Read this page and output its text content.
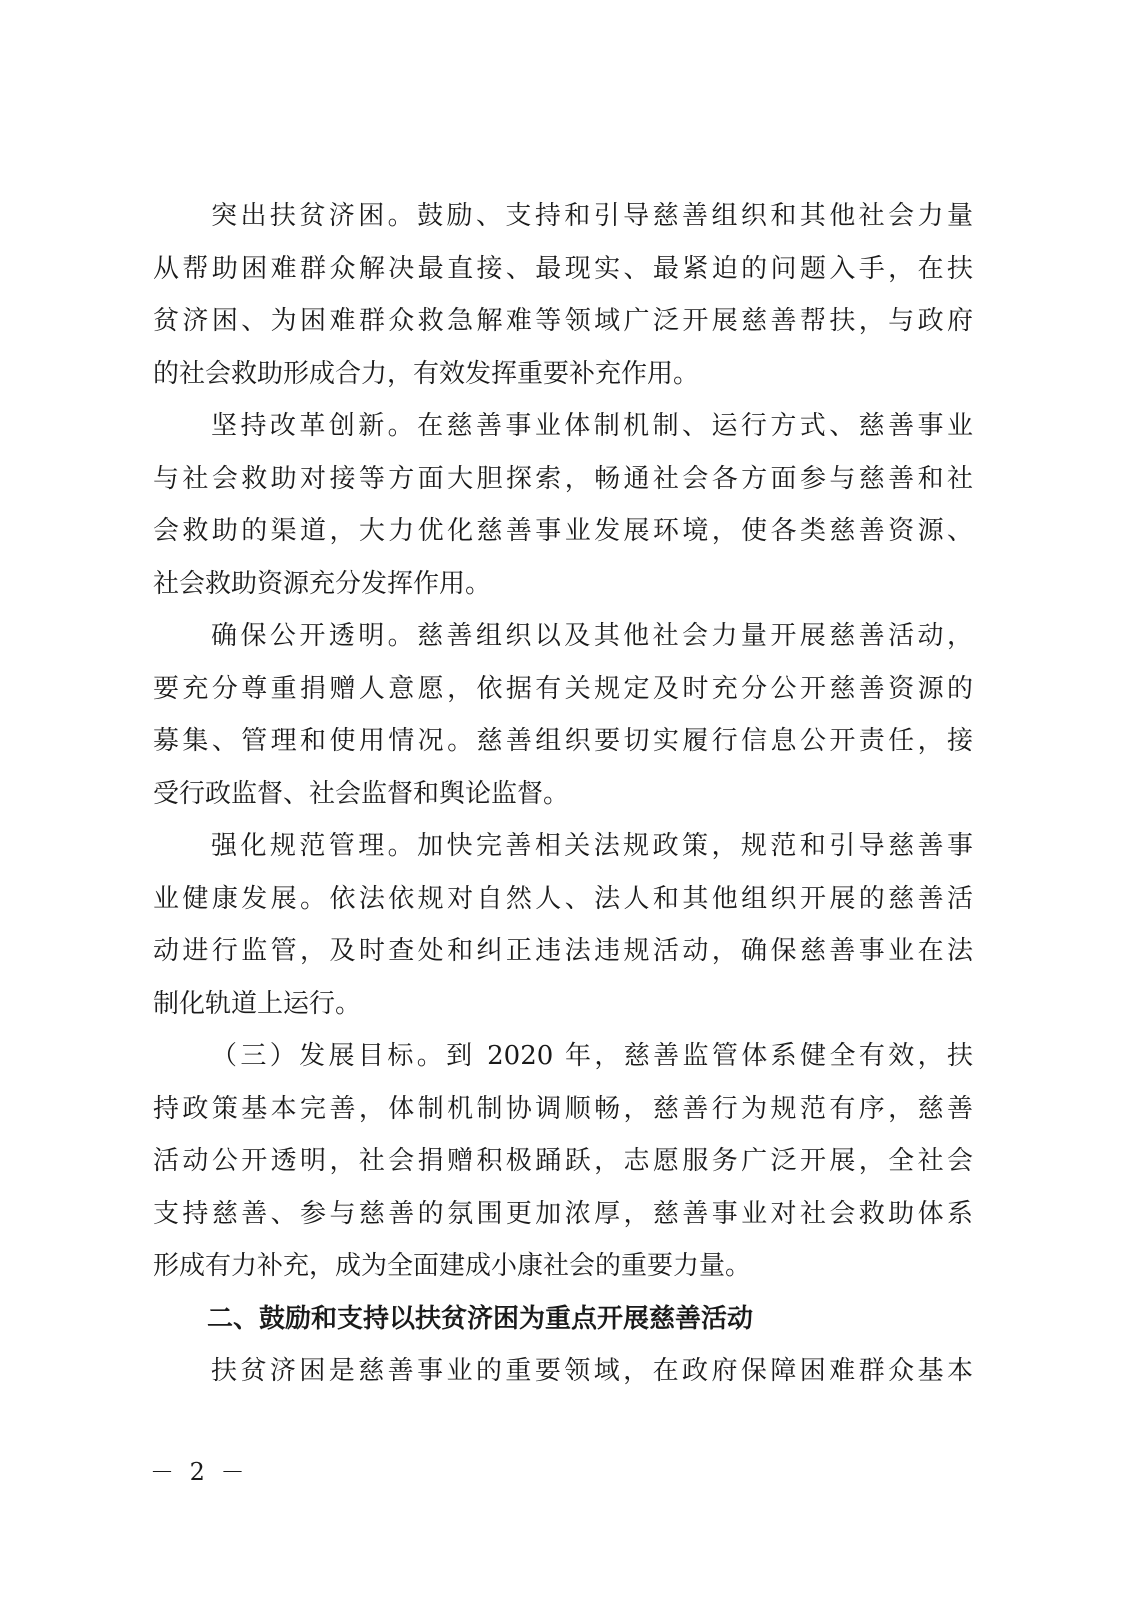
突出扶贫济困。鼓励、支持和引导慈善组织和其他社会力量
从帮助困难群众解决最直接、最现实、最紧迫的问题入手，在扶
贫济困、为困难群众救急解难等领域广泛开展慈善帮扶，与政府
的社会救助形成合力，有效发挥重要补充作用。
坚持改革创新。在慈善事业体制机制、运行方式、慈善事业
与社会救助对接等方面大胆探索，畅通社会各方面参与慈善和社
会救助的渠道，大力优化慈善事业发展环境，使各类慈善资源、
社会救助资源充分发挥作用。
确保公开透明。慈善组织以及其他社会力量开展慈善活动，
要充分尊重捐赠人意愿，依据有关规定及时充分公开慈善资源的
募集、管理和使用情况。慈善组织要切实履行信息公开责任，接
受行政监督、社会监督和舆论监督。
强化规范管理。加快完善相关法规政策，规范和引导慈善事
业健康发展。依法依规对自然人、法人和其他组织开展的慈善活
动进行监管，及时查处和纠正违法违规活动，确保慈善事业在法
制化轨道上运行。
（三）发展目标。到 2020 年，慈善监管体系健全有效，扶
持政策基本完善，体制机制协调顺畅，慈善行为规范有序，慈善
活动公开透明，社会捐赠积极踊跃，志愿服务广泛开展，全社会
支持慈善、参与慈善的氛围更加浓厚，慈善事业对社会救助体系
形成有力补充，成为全面建成小康社会的重要力量。
二、鼓励和支持以扶贫济困为重点开展慈善活动
扶贫济困是慈善事业的重要领域，在政府保障困难群众基本
－ 2 －
